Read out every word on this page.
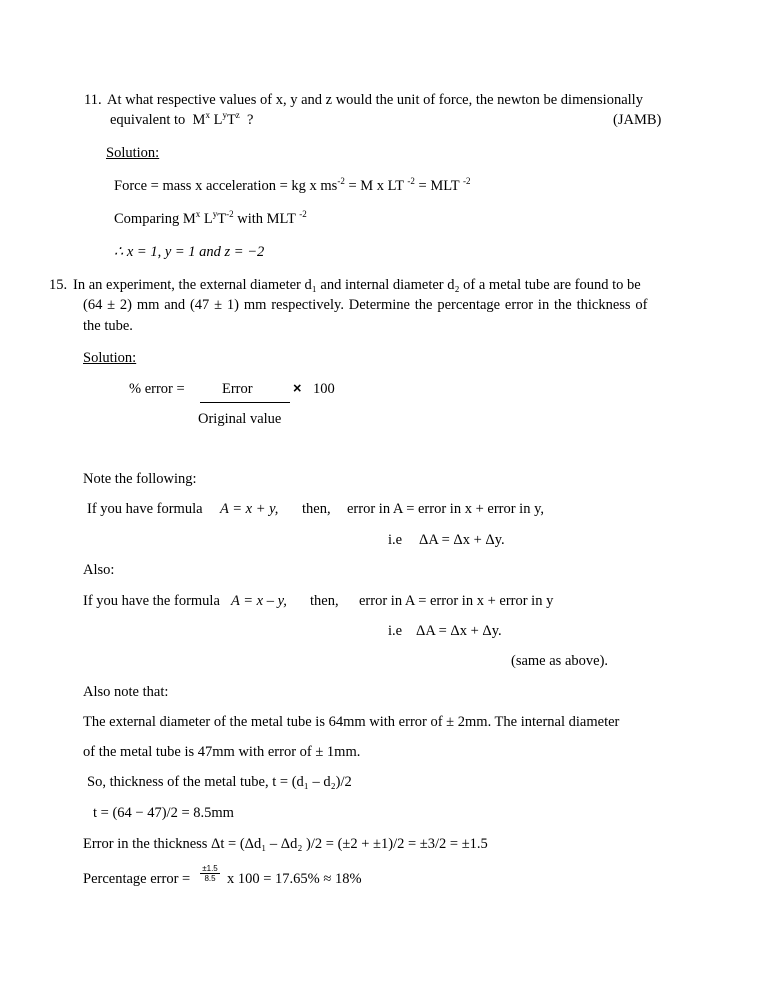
11. At what respective values of x, y and z would the unit of force, the newton be dimensionally
equivalent to $M^x$ $L^yT^z$ ?	(JAMB)
Solution:
Force = mass x acceleration = kg x $ms^{-2} = M$ x LT $^{-2}$ = MLT $^{-2}$
Comparing $M^x$ $L^yT^{-2}$ with MLT $^{-2}$
∴ x = 1, y = 1 and z = −2
15. In an experiment, the external diameter d₁ and internal diameter d₂ of a metal tube are found to be
(64 ± 2) mm and (47 ± 1) mm respectively. Determine the percentage error in the thickness of
the tube.
Solution:
% error =	Error
Original value
× 100
Note the following:
If you have formula A = x + y, then, error in A = error in x + error in y,
i.e ΔA = Δx + Δy.
Also:
If you have the formula A = x – y, then, error in A = error in x + error in y
i.e ΔA = Δx + Δy.
(same as above).
Also note that:
The external diameter of the metal tube is 64mm with error of ± 2mm. The internal diameter
of the metal tube is 47mm with error of ± 1mm.
So, thickness of the metal tube, t = (d₁ – d₂)/2
t = (64 − 47)/2 = 8.5mm
Error in the thickness Δt = (Δd₁ – Δd₂ )/2 = (±2 + ±1)/2 = ±3/2 = ±1.5
Percentage error = $\frac{\pm 1.5}{8.5}$ x 100 = 17.65% ≈ 18%
